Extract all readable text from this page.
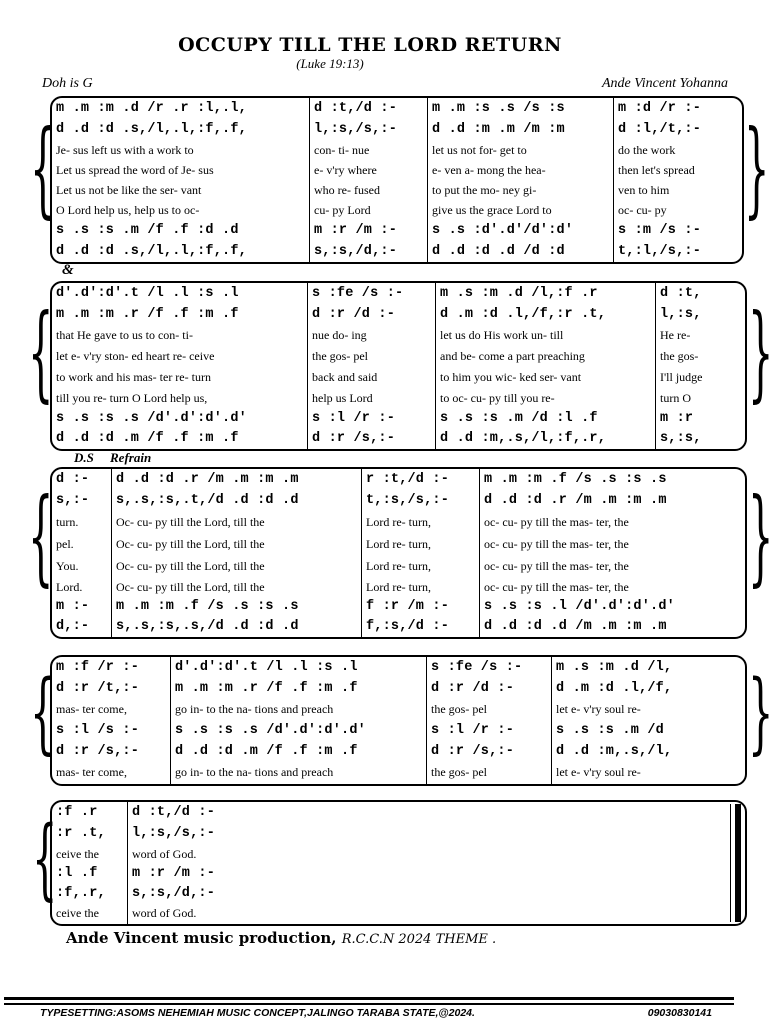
OCCUPY TILL THE LORD RETURN
(Luke 19:13)
Doh is G	Ande Vincent Yohanna
{	}
m .m :m .d /r .r :l,.l,
d .d :d .s,/l,.l,:f,.f,
Je- sus left us with a work to
Let us spread the word of Je- sus
Let us not be like the ser- vant
O Lord help us, help us to oc-
s .s :s .m /f .f :d .d
d .d :d .s,/l,.l,:f,.f,
d :t,/d :-
l,:s,/s,:-
con- ti- nue
e- v'ry where
who re- fused
cu- py Lord
m :r /m :-
s,:s,/d,:-
m .m :s .s /s :s
d .d :m .m /m :m
let us not for- get to
e- ven a- mong the hea-
to put the mo- ney gi-
give us the grace Lord to
s .s :d'.d'/d':d'
d .d :d .d /d :d
m :d /r :-
d :l,/t,:-
do the work
then let's spread
ven to him
oc- cu- py
s :m /s :-
t,:l,/s,:-
&
{	}
d'.d':d'.t /l .l :s .l
m .m :m .r /f .f :m .f
that He gave to us to con- ti-
let e- v'ry ston- ed heart re- ceive
to work and his mas- ter re- turn
till you re- turn O Lord help us,
s .s :s .s /d'.d':d'.d'
d .d :d .m /f .f :m .f
s :fe /s :-
d :r /d :-
nue do- ing
the gos- pel
back and said
help us Lord
s :l /r :-
d :r /s,:-
m .s :m .d /l,:f .r
d .m :d .l,/f,:r .t,
let us do His work un- till
and be- come a part preaching
to him you wic- ked ser- vant
to oc- cu- py till you re-
s .s :s .m /d :l .f
d .d :m,.s,/l,:f,.r,
d :t,
l,:s,
He re-
the gos-
I'll judge
turn O
m :r
s,:s,
D.S Refrain
{	}
d :-
s,:-
turn.
pel.
You.
Lord.
m :-
d,:-
d .d :d .r /m .m :m .m
s,.s,:s,.t,/d .d :d .d
Oc- cu- py till the Lord, till the
Oc- cu- py till the Lord, till the
Oc- cu- py till the Lord, till the
Oc- cu- py till the Lord, till the
m .m :m .f /s .s :s .s
s,.s,:s,.s,/d .d :d .d
r :t,/d :-
t,:s,/s,:-
Lord re- turn,
Lord re- turn,
Lord re- turn,
Lord re- turn,
f :r /m :-
f,:s,/d :-
m .m :m .f /s .s :s .s
d .d :d .r /m .m :m .m
oc- cu- py till the mas- ter, the
oc- cu- py till the mas- ter, the
oc- cu- py till the mas- ter, the
oc- cu- py till the mas- ter, the
s .s :s .l /d'.d':d'.d'
d .d :d .d /m .m :m .m
{	}
m :f /r :-
d :r /t,:-
mas- ter come,
s :l /s :-
d :r /s,:-
mas- ter come,
d'.d':d'.t /l .l :s .l
m .m :m .r /f .f :m .f
go in- to the na- tions and preach
s .s :s .s /d'.d':d'.d'
d .d :d .m /f .f :m .f
go in- to the na- tions and preach
s :fe /s :-
d :r /d :-
the gos- pel
s :l /r :-
d :r /s,:-
the gos- pel
m .s :m .d /l,
d .m :d .l,/f,
let e- v'ry soul re-
s .s :s .m /d
d .d :m,.s,/l,
let e- v'ry soul re-
{
:f .r
:r .t,
ceive the
:l .f
:f,.r,
ceive the
d :t,/d :-
l,:s,/s,:-
word of God.
m :r /m :-
s,:s,/d,:-
word of God.
Ande Vincent music production, R.C.C.N 2024 THEME .
TYPESETTING:ASOMS NEHEMIAH MUSIC CONCEPT,JALINGO TARABA STATE,@2024.	09030830141
